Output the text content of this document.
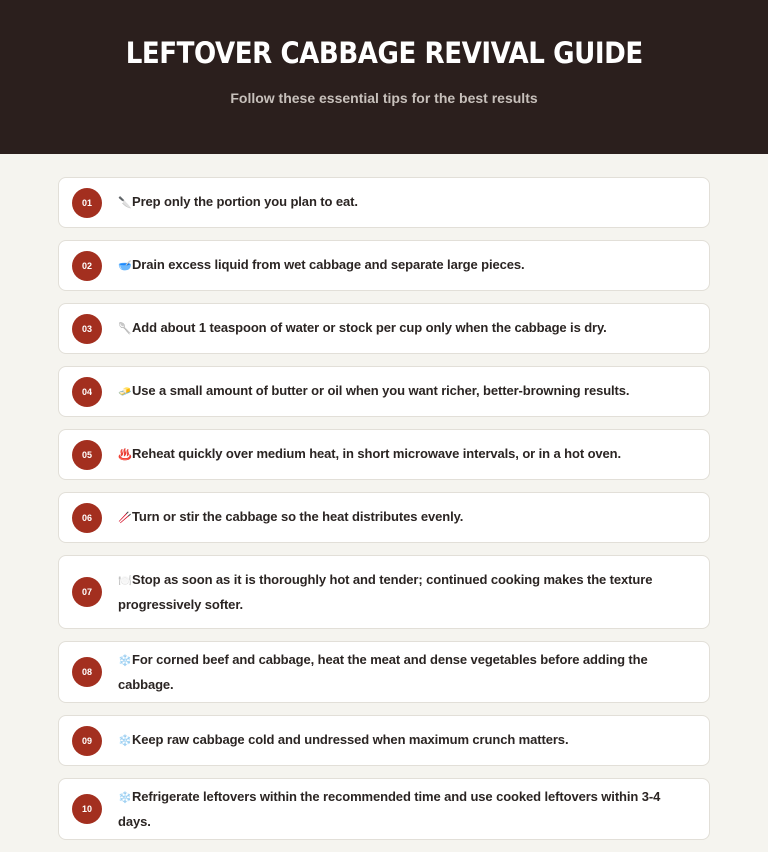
LEFTOVER CABBAGE REVIVAL GUIDE
Follow these essential tips for the best results
01	🔪Prep only the portion you plan to eat.
02	🥣Drain excess liquid from wet cabbage and separate large pieces.
03	🥄Add about 1 teaspoon of water or stock per cup only when the cabbage is dry.
04	🧈Use a small amount of butter or oil when you want richer, better-browning results.
05	♨️Reheat quickly over medium heat, in short microwave intervals, or in a hot oven.
06	🥢Turn or stir the cabbage so the heat distributes evenly.
07
🍽️Stop as soon as it is thoroughly hot and tender; continued cooking makes the texture progressively softer.
08
❄️For corned beef and cabbage, heat the meat and dense vegetables before adding the cabbage.
09	❄️Keep raw cabbage cold and undressed when maximum crunch matters.
10
❄️Refrigerate leftovers within the recommended time and use cooked leftovers within 3-4 days.
